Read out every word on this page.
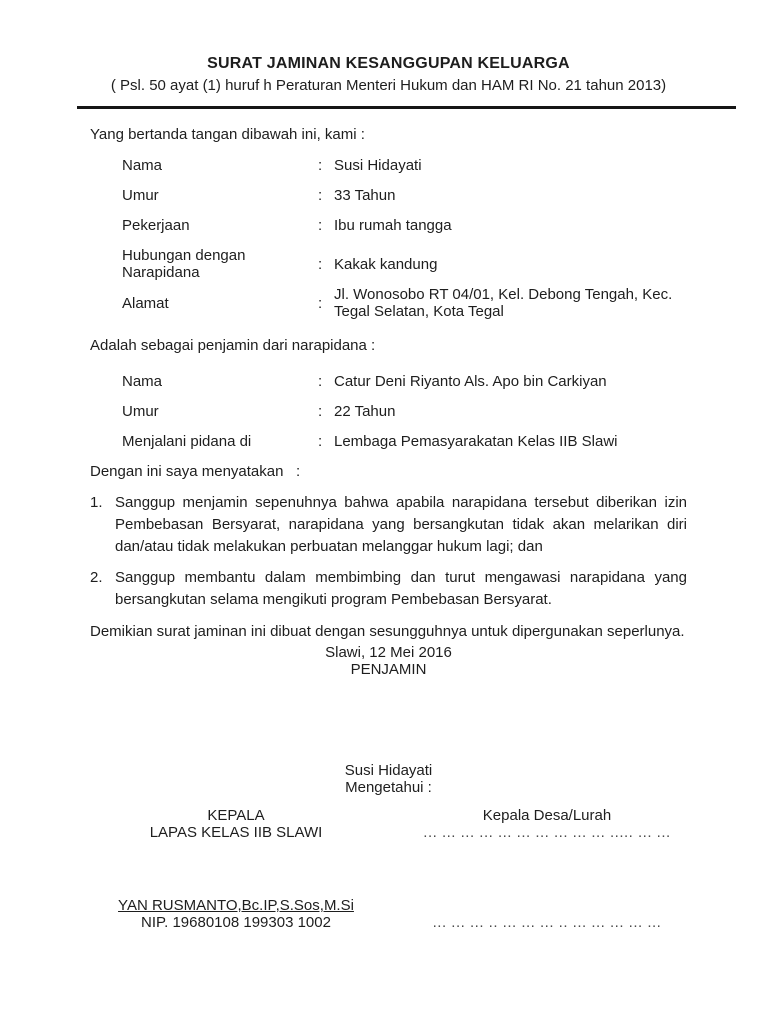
SURAT JAMINAN KESANGGUPAN KELUARGA
( Psl. 50 ayat (1) huruf h Peraturan Menteri Hukum dan HAM RI No. 21 tahun 2013)
Yang bertanda tangan dibawah ini, kami :
Nama	: Susi Hidayati
Umur	: 33 Tahun
Pekerjaan	: Ibu rumah tangga
Hubungan dengan Narapidana	: Kakak kandung
Alamat	: Jl. Wonosobo RT 04/01, Kel. Debong Tengah, Kec. Tegal Selatan, Kota Tegal
Adalah sebagai penjamin dari narapidana :
Nama	: Catur Deni Riyanto Als. Apo bin Carkiyan
Umur	: 22 Tahun
Menjalani pidana di	: Lembaga Pemasyarakatan Kelas IIB Slawi
Dengan ini saya menyatakan   :
1. Sanggup menjamin sepenuhnya bahwa apabila narapidana tersebut diberikan izin Pembebasan Bersyarat, narapidana yang bersangkutan tidak akan melarikan diri dan/atau tidak melakukan perbuatan melanggar hukum lagi; dan
2. Sanggup membantu dalam membimbing dan turut mengawasi narapidana yang bersangkutan selama mengikuti program Pembebasan Bersyarat.
Demikian surat jaminan ini dibuat dengan sesungguhnya untuk dipergunakan seperlunya.
Slawi, 12 Mei 2016
PENJAMIN
Susi Hidayati
Mengetahui :
KEPALA
LAPAS KELAS IIB SLAWI
Kepala Desa/Lurah
... ... ... ... ... ... ... ... ... ... ..... ... ...
YAN RUSMANTO,Bc.IP,S.Sos,M.Si
NIP. 19680108 199303 1002
	... ... ... .. ... ... ... .. ... ... ... ... ...
